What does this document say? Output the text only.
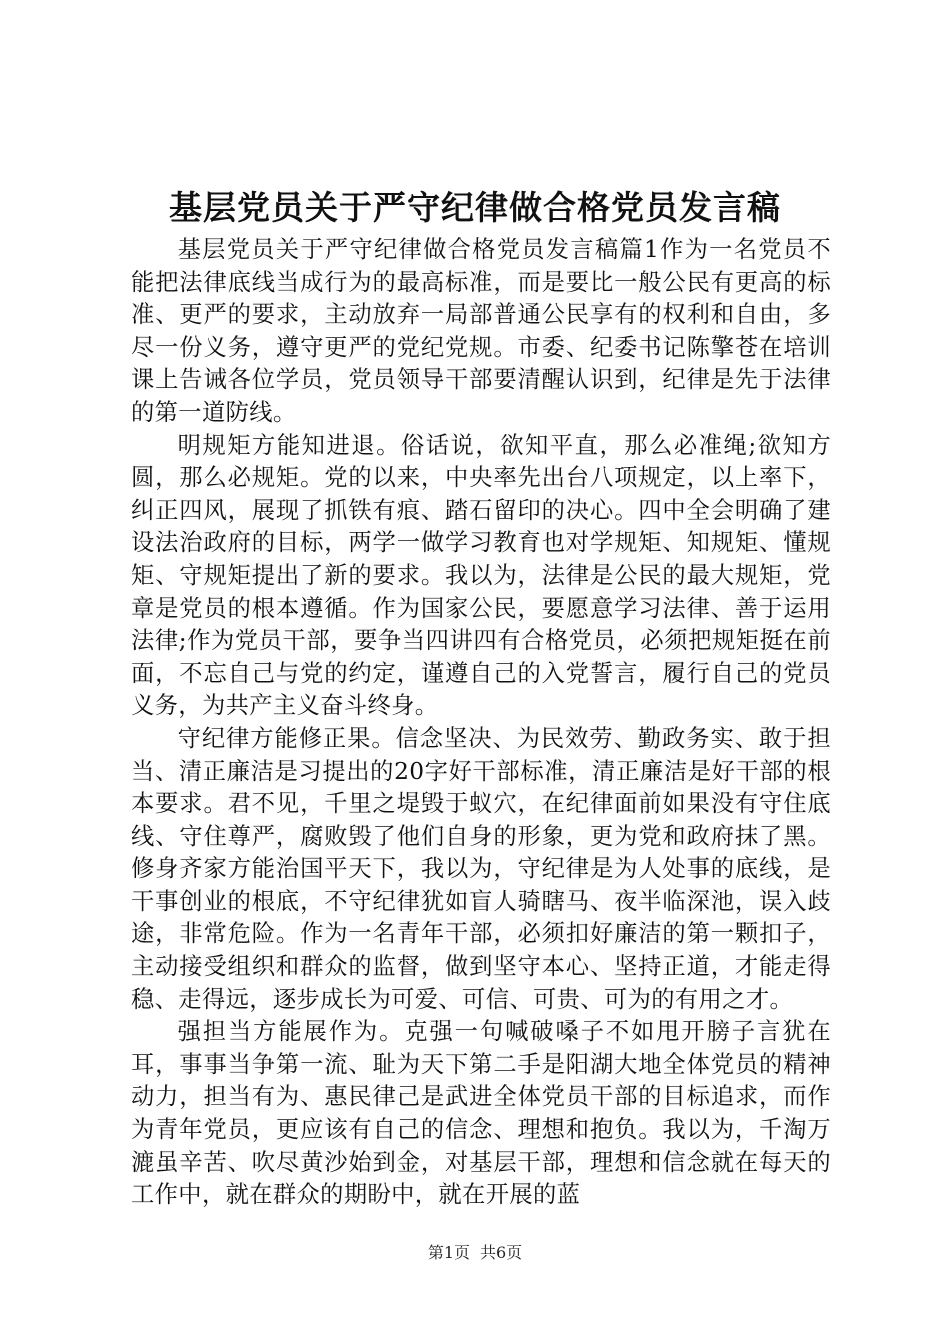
基层党员关于严守纪律做合格党员发言稿

基层党员关于严守纪律做合格党员发言稿篇1作为一名党员不能把法律底线当成行为的最高标准，而是要比一般公民有更高的标准、更严的要求，主动放弃一局部普通公民享有的权利和自由，多尽一份义务，遵守更严的党纪党规。市委、纪委书记陈擎苍在培训课上告诫各位学员，党员领导干部要清醒认识到，纪律是先于法律的第一道防线。

明规矩方能知进退。俗话说，欲知平直，那么必准绳;欲知方圆，那么必规矩。党的以来，中央率先出台八项规定，以上率下，纠正四风，展现了抓铁有痕、踏石留印的决心。四中全会明确了建设法治政府的目标，两学一做学习教育也对学规矩、知规矩、懂规矩、守规矩提出了新的要求。我以为，法律是公民的最大规矩，党章是党员的根本遵循。作为国家公民，要愿意学习法律、善于运用法律;作为党员干部，要争当四讲四有合格党员，必须把规矩挺在前面，不忘自己与党的约定，谨遵自己的入党誓言，履行自己的党员义务，为共产主义奋斗终身。

守纪律方能修正果。信念坚决、为民效劳、勤政务实、敢于担当、清正廉洁是习提出的20字好干部标准，清正廉洁是好干部的根本要求。君不见，千里之堤毁于蚁穴，在纪律面前如果没有守住底线、守住尊严，腐败毁了他们自身的形象，更为党和政府抹了黑。修身齐家方能治国平天下，我以为，守纪律是为人处事的底线，是干事创业的根底，不守纪律犹如盲人骑瞎马、夜半临深池，误入歧途，非常危险。作为一名青年干部，必须扣好廉洁的第一颗扣子，主动接受组织和群众的监督，做到坚守本心、坚持正道，才能走得稳、走得远，逐步成长为可爱、可信、可贵、可为的有用之才。

强担当方能展作为。克强一句喊破嗓子不如甩开膀子言犹在耳，事事当争第一流、耻为天下第二手是阳湖大地全体党员的精神动力，担当有为、惠民律己是武进全体党员干部的目标追求，而作为青年党员，更应该有自己的信念、理想和抱负。我以为，千淘万漉虽辛苦、吹尽黄沙始到金，对基层干部，理想和信念就在每天的工作中，就在群众的期盼中，就在开展的蓝

第1页 共6页
